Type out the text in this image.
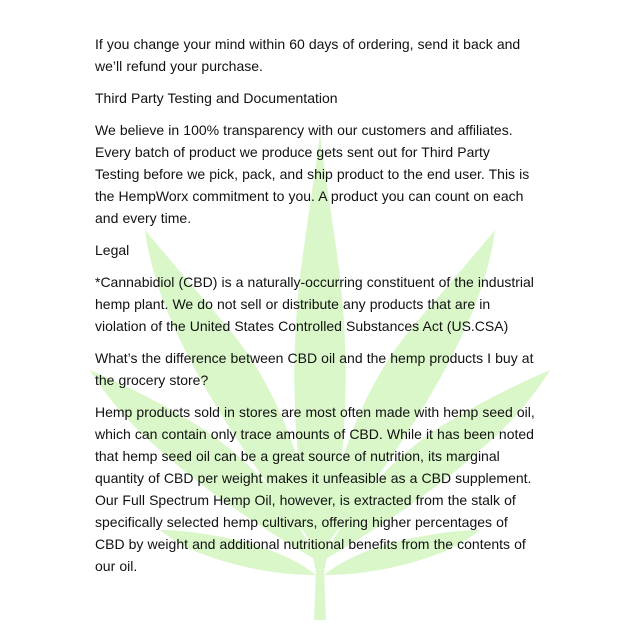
If you change your mind within 60 days of ordering, send it back and we’ll refund your purchase.

Third Party Testing and Documentation

We believe in 100% transparency with our customers and affiliates. Every batch of product we produce gets sent out for Third Party Testing before we pick, pack, and ship product to the end user. This is the HempWorx commitment to you. A product you can count on each and every time.

Legal

*Cannabidiol (CBD) is a naturally-occurring constituent of the industrial hemp plant. We do not sell or distribute any products that are in violation of the United States Controlled Substances Act (US.CSA)

What’s the difference between CBD oil and the hemp products I buy at the grocery store?

Hemp products sold in stores are most often made with hemp seed oil, which can contain only trace amounts of CBD. While it has been noted that hemp seed oil can be a great source of nutrition, its marginal quantity of CBD per weight makes it unfeasible as a CBD supplement. Our Full Spectrum Hemp Oil, however, is extracted from the stalk of specifically selected hemp cultivars, offering higher percentages of CBD by weight and additional nutritional benefits from the contents of our oil.
